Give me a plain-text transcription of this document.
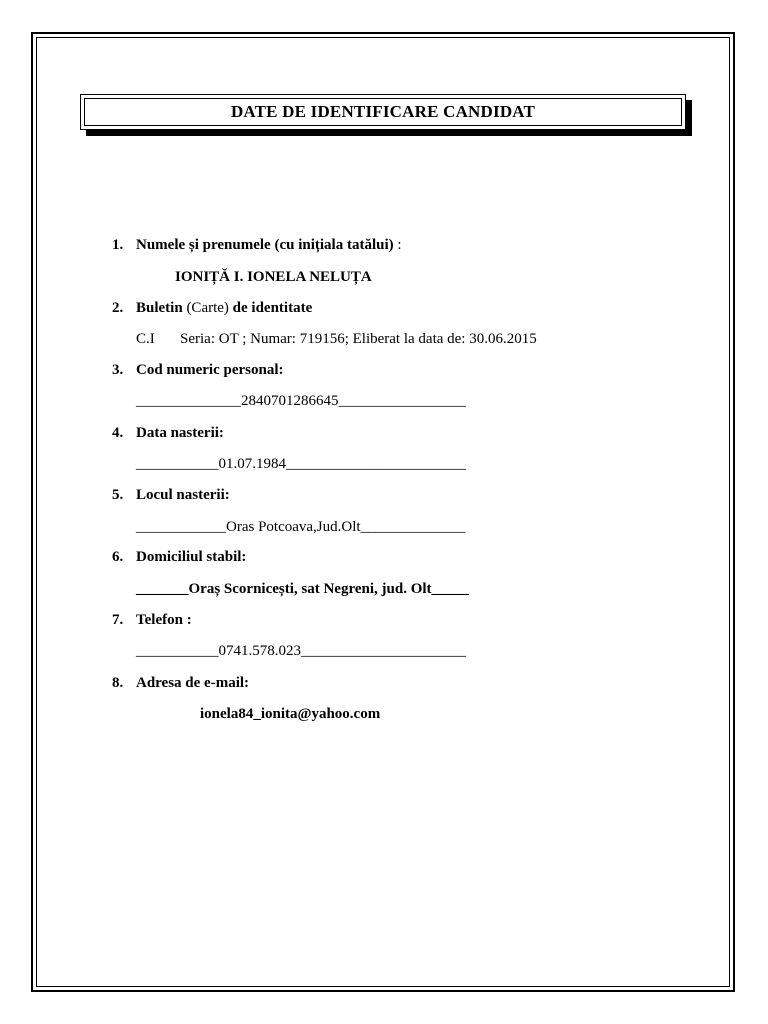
DATE DE IDENTIFICARE CANDIDAT
1. Numele și prenumele (cu inițiala tatălui) :
IONIȚĂ I. IONELA NELUȚA
2. Buletin (Carte) de identitate
C.I Seria: OT ; Numar: 719156; Eliberat la data de: 30.06.2015
3. Cod numeric personal:
______________2840701286645_________________
4. Data nasterii:
___________01.07.1984________________________
5. Locul nasterii:
____________Oras Potcoava,Jud.Olt______________
6. Domiciliul stabil:
_______Oraș Scornicești, sat Negreni, jud. Olt_____
7. Telefon :
___________0741.578.023______________________
8. Adresa de e-mail:
ionela84_ionita@yahoo.com
